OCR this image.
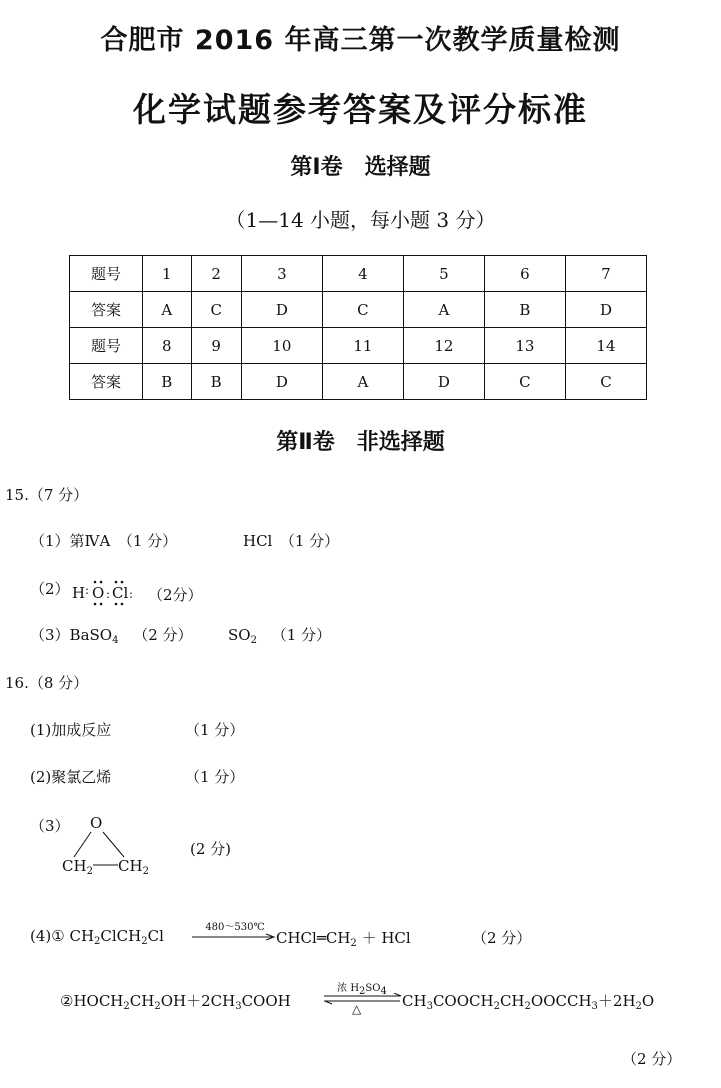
合肥市 2016 年高三第一次教学质量检测
化学试题参考答案及评分标准
第Ⅰ卷　选择题
（1—14 小题，每小题 3 分）
题号	1	2	3	4	5	6	7
答案	A	C	D	C	A	B	D
题号	8	9	10	11	12	13	14
答案	B	B	D	A	D	C	C
第Ⅱ卷　非选择题
15.（7 分）
（1）第ⅣA　（1 分）	HCl　（1 分）
（2） H : O : Cl : （2分）
（3）BaSO$_4$ （2 分） $SO_2$ （1 分）
16.（8 分）
(1)加成反应	（1 分）
(2)聚氯乙烯	（1 分）
（3） O
$CH_2$ $CH_2$
(2 分)
(4)① $CH_2ClCH_2Cl$	480～530℃
$CHCl═CH_2$ ＋ HCl	（2 分）
$②HOCH_2CH_2OH+2CH_3COOH$
浓 $H_2SO_4$
△	$CH_3COOCH_2CH_2OOCCH_3+2H_2O$
（2 分）
